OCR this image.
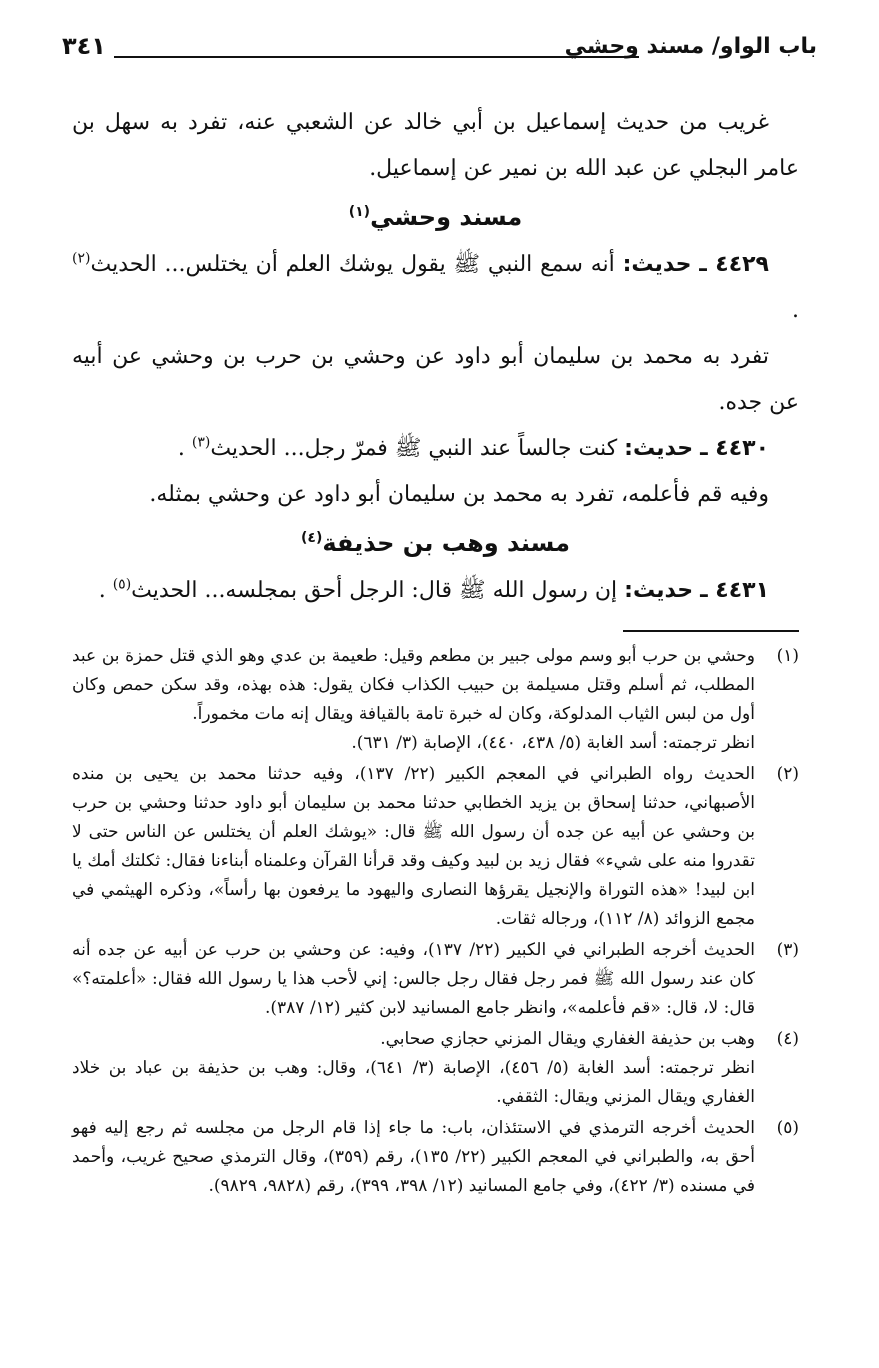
باب الواو/ مسند وحشي
٣٤١

غريب من حديث إسماعيل بن أبي خالد عن الشعبي عنه، تفرد به سهل بن عامر البجلي عن عبد الله بن نمير عن إسماعيل.

مسند وحشي$^{(١)}$

٤٤٢٩ ـ حديث: أنه سمع النبي ﷺ يقول يوشك العلم أن يختلس... الحديث$^{(٢)}$ .

تفرد به محمد بن سليمان أبو داود عن وحشي بن حرب بن وحشي عن أبيه عن جده.

٤٤٣٠ ـ حديث: كنت جالساً عند النبي ﷺ فمرّ رجل... الحديث$^{(٣)}$ .

وفيه قم فأعلمه، تفرد به محمد بن سليمان أبو داود عن وحشي بمثله.

مسند وهب بن حذيفة$^{(٤)}$

٤٤٣١ ـ حديث: إن رسول الله ﷺ قال: الرجل أحق بمجلسه... الحديث$^{(٥)}$ .

(١)

وحشي بن حرب أبو وسم مولى جبير بن مطعم وقيل: طعيمة بن عدي وهو الذي قتل حمزة بن عبد المطلب، ثم أسلم وقتل مسيلمة بن حبيب الكذاب فكان يقول: هذه بهذه، وقد سكن حمص وكان أول من لبس الثياب المدلوكة، وكان له خبرة تامة بالقيافة ويقال إنه مات مخموراً.

انظر ترجمته: أسد الغابة (٥/ ٤٣٨، ٤٤٠)، الإصابة (٣/ ٦٣١).

(٢)

الحديث رواه الطبراني في المعجم الكبير (٢٢/ ١٣٧)، وفيه حدثنا محمد بن يحيى بن منده الأصبهاني، حدثنا إسحاق بن يزيد الخطابي حدثنا محمد بن سليمان أبو داود حدثنا وحشي بن حرب بن وحشي عن أبيه عن جده أن رسول الله ﷺ قال: «يوشك العلم أن يختلس عن الناس حتى لا تقدروا منه على شيء» فقال زيد بن لبيد وكيف وقد قرأنا القرآن وعلمناه أبناءنا فقال: ثكلتك أمك يا ابن لبيد! «هذه التوراة والإنجيل يقرؤها النصارى واليهود ما يرفعون بها رأساً»، وذكره الهيثمي في مجمع الزوائد (٨/ ١١٢)، ورجاله ثقات.

(٣)

الحديث أخرجه الطبراني في الكبير (٢٢/ ١٣٧)، وفيه: عن وحشي بن حرب عن أبيه عن جده أنه كان عند رسول الله ﷺ فمر رجل فقال رجل جالس: إني لأحب هذا يا رسول الله فقال: «أعلمته؟» قال: لا، قال: «قم فأعلمه»، وانظر جامع المسانيد لابن كثير (١٢/ ٣٨٧).

(٤)

وهب بن حذيفة الغفاري ويقال المزني حجازي صحابي.

انظر ترجمته: أسد الغابة (٥/ ٤٥٦)، الإصابة (٣/ ٦٤١)، وقال: وهب بن حذيفة بن عباد بن خلاد الغفاري ويقال المزني ويقال: الثقفي.

(٥)

الحديث أخرجه الترمذي في الاستئذان، باب: ما جاء إذا قام الرجل من مجلسه ثم رجع إليه فهو أحق به، والطبراني في المعجم الكبير (٢٢/ ١٣٥)، رقم (٣٥٩)، وقال الترمذي صحيح غريب، وأحمد في مسنده (٣/ ٤٢٢)، وفي جامع المسانيد (١٢/ ٣٩٨، ٣٩٩)، رقم (٩٨٢٨، ٩٨٢٩).
